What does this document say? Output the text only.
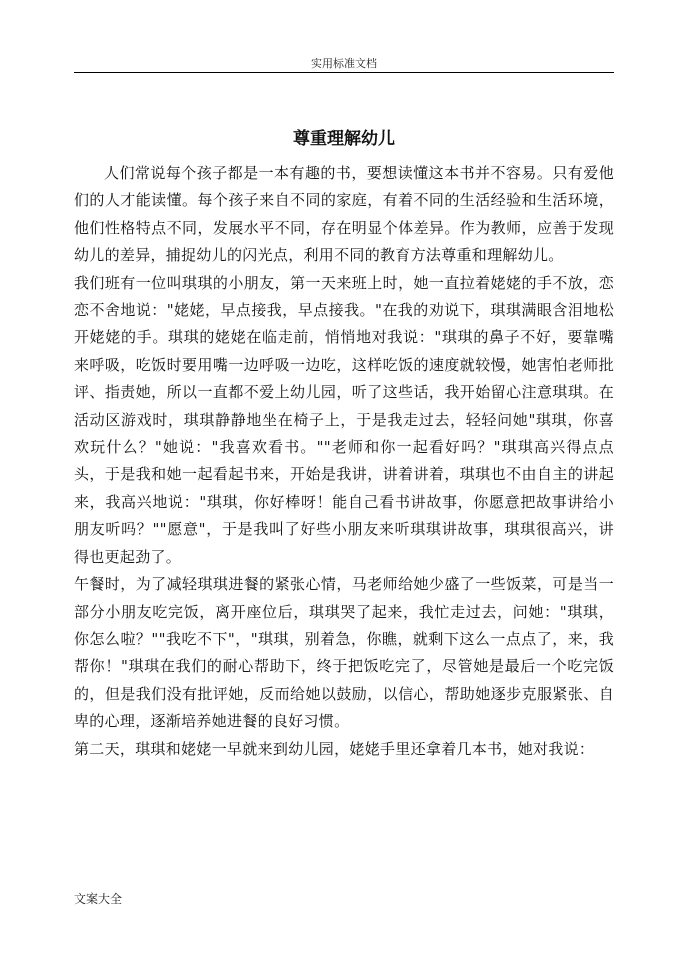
实用标准文档
尊重理解幼儿

人们常说每个孩子都是一本有趣的书，要想读懂这本书并不容易。只有爱他们的人才能读懂。每个孩子来自不同的家庭，有着不同的生活经验和生活环境，他们性格特点不同，发展水平不同，存在明显个体差异。作为教师，应善于发现幼儿的差异，捕捉幼儿的闪光点，利用不同的教育方法尊重和理解幼儿。

我们班有一位叫琪琪的小朋友，第一天来班上时，她一直拉着姥姥的手不放，恋恋不舍地说："姥姥，早点接我，早点接我。"在我的劝说下，琪琪满眼含泪地松开姥姥的手。琪琪的姥姥在临走前，悄悄地对我说："琪琪的鼻子不好，要靠嘴来呼吸，吃饭时要用嘴一边呼吸一边吃，这样吃饭的速度就较慢，她害怕老师批评、指责她，所以一直都不爱上幼儿园，听了这些话，我开始留心注意琪琪。在活动区游戏时，琪琪静静地坐在椅子上，于是我走过去，轻轻问她"琪琪，你喜欢玩什么？"她说："我喜欢看书。""老师和你一起看好吗？"琪琪高兴得点点头，于是我和她一起看起书来，开始是我讲，讲着讲着，琪琪也不由自主的讲起来，我高兴地说："琪琪，你好棒呀！能自己看书讲故事，你愿意把故事讲给小朋友听吗？""愿意"，于是我叫了好些小朋友来听琪琪讲故事，琪琪很高兴，讲得也更起劲了。

午餐时，为了减轻琪琪进餐的紧张心情，马老师给她少盛了一些饭菜，可是当一部分小朋友吃完饭，离开座位后，琪琪哭了起来，我忙走过去，问她："琪琪，你怎么啦？""我吃不下"，"琪琪，别着急，你瞧，就剩下这么一点点了，来，我帮你！"琪琪在我们的耐心帮助下，终于把饭吃完了，尽管她是最后一个吃完饭的，但是我们没有批评她，反而给她以鼓励，以信心，帮助她逐步克服紧张、自卑的心理，逐渐培养她进餐的良好习惯。

第二天，琪琪和姥姥一早就来到幼儿园，姥姥手里还拿着几本书，她对我说：

文案大全
